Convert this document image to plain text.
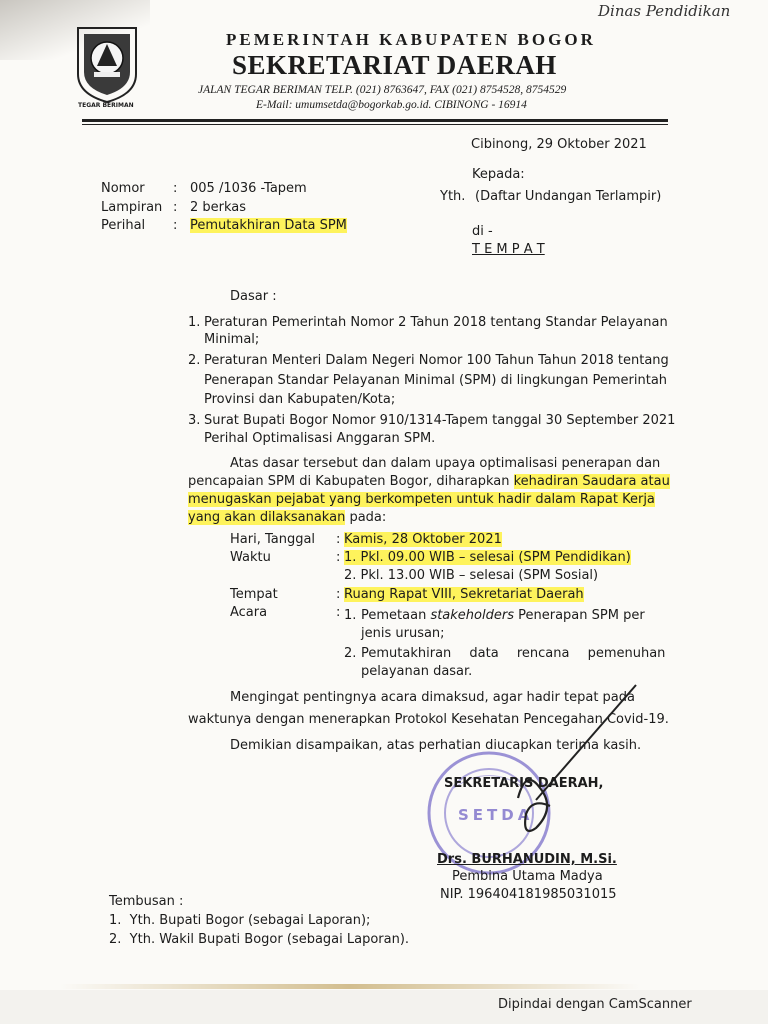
Dinas Pendidikan
TEGAR BERIMAN
PEMERINTAH KABUPATEN BOGOR
SEKRETARIAT DAERAH
JALAN TEGAR BERIMAN TELP. (021) 8763647, FAX (021) 8754528, 8754529
E-Mail: umumsetda@bogorkab.go.id. CIBINONG - 16914
Cibinong, 29 Oktober 2021
Nomor : 005 /1036 -Tapem
Lampiran : 2 berkas
Perihal : Pemutakhiran Data SPM
Kepada:
Yth. (Daftar Undangan Terlampir)
di -
T E M P A T
Dasar :
1. Peraturan Pemerintah Nomor 2 Tahun 2018 tentang Standar Pelayanan
Minimal;
2. Peraturan Menteri Dalam Negeri Nomor 100 Tahun Tahun 2018 tentang
Penerapan Standar Pelayanan Minimal (SPM) di lingkungan Pemerintah
Provinsi dan Kabupaten/Kota;
3. Surat Bupati Bogor Nomor 910/1314-Tapem tanggal 30 September 2021
Perihal Optimalisasi Anggaran SPM.
Atas dasar tersebut dan dalam upaya optimalisasi penerapan dan
pencapaian SPM di Kabupaten Bogor, diharapkan kehadiran Saudara atau
menugaskan pejabat yang berkompeten untuk hadir dalam Rapat Kerja
yang akan dilaksanakan pada:
Hari, Tanggal : Kamis, 28 Oktober 2021
Waktu	: 1. Pkl. 09.00 WIB – selesai (SPM Pendidikan)
2. Pkl. 13.00 WIB – selesai (SPM Sosial)
Tempat	: Ruang Rapat VIII, Sekretariat Daerah
Acara	: 1. Pemetaan stakeholders Penerapan SPM per
jenis urusan;
2. Pemutakhiran data rencana pemenuhan
pelayanan dasar.
Mengingat pentingnya acara dimaksud, agar hadir tepat pada
waktunya dengan menerapkan Protokol Kesehatan Pencegahan Covid-19.
Demikian disampaikan, atas perhatian diucapkan terima kasih.
SETDA
SEKRETARIS DAERAH,
Drs. BURHANUDIN, M.Si.
Pembina Utama Madya
NIP. 196404181985031015
Tembusan :
1.  Yth. Bupati Bogor (sebagai Laporan);
2.  Yth. Wakil Bupati Bogor (sebagai Laporan).
Dipindai dengan CamScanner
